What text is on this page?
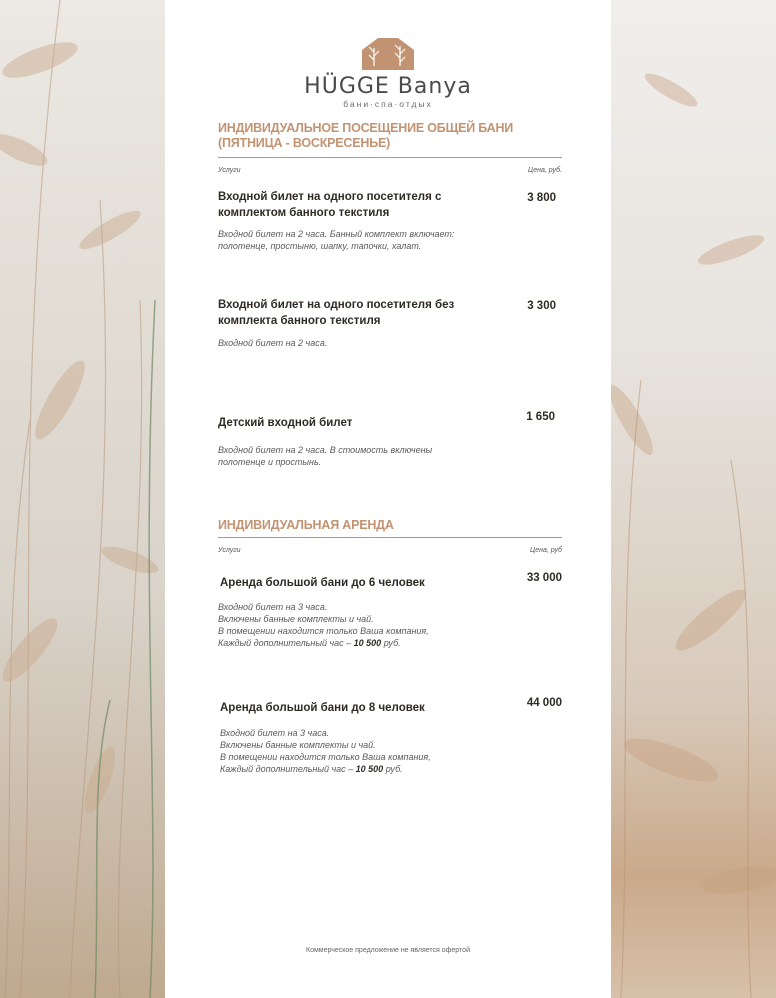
HÜGGE Banya
бани·спа·отдых
ИНДИВИДУАЛЬНОЕ ПОСЕЩЕНИЕ ОБЩЕЙ БАНИ
(ПЯТНИЦА - ВОСКРЕСЕНЬЕ)
Услуги	Цена, руб.
Входной билет на одного посетителя с комплектом банного текстиля
3 800
Входной билет на 2 часа. Банный комплект включает:
полотенце, простыню, шапку, тапочки, халат.
Входной билет на одного посетителя без комплекта банного текстиля
3 300
Входной билет на 2 часа.
Детский входной билет	1 650
Входной билет на 2 часа. В стоимость включены
полотенце и простынь.
ИНДИВИДУАЛЬНАЯ АРЕНДА
Услуги	Цена, руб
Аренда большой бани до 6 человек	33 000
Входной билет на 3 часа.
Включены банные комплекты и чай.
В помещении находится только Ваша компания,
Каждый дополнительный час – 10 500 руб.
Аренда большой бани до 8 человек	44 000
Входной билет на 3 часа.
Включены банные комплекты и чай.
В помещении находится только Ваша компания,
Каждый дополнительный час – 10 500 руб.
Коммерческое предложение не является офертой
